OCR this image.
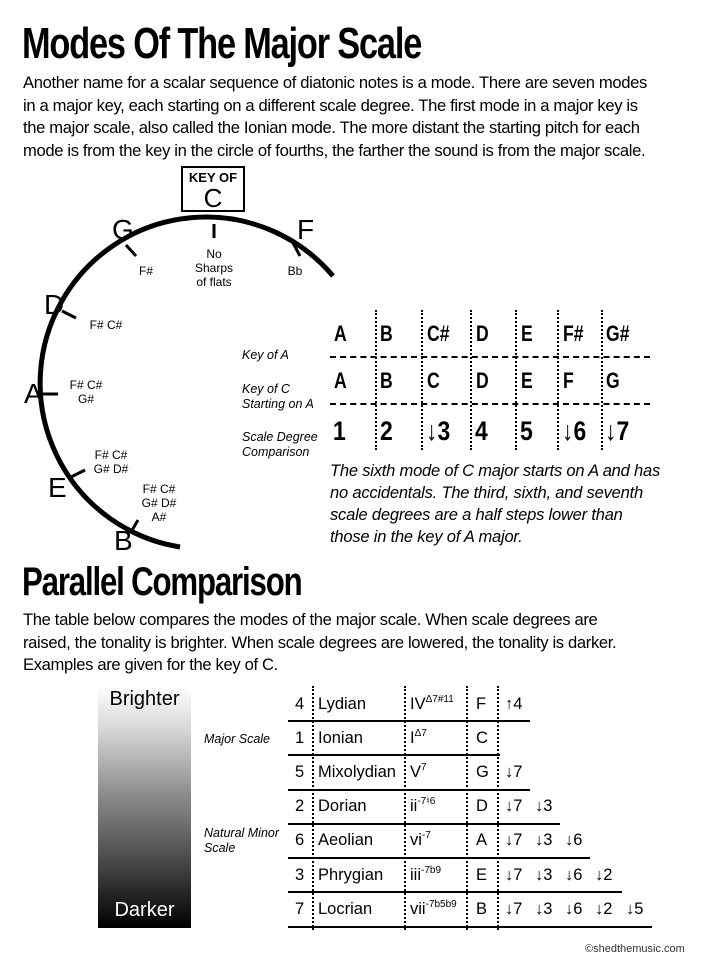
Modes Of The Major Scale
Another name for a scalar sequence of diatonic notes is a mode. There are seven modes
in a major key, each starting on a different scale degree. The first mode in a major key is
the major scale, also called the Ionian mode. The more distant the starting pitch for each
mode is from the key in the circle of fourths, the farther the sound is from the major scale.
KEY OF
C
G	F
D
A
E
B
F#
No
Sharps
of flats
Bb
F# C#
F# C#
G#
F# C#
G# D#
F# C#
G# D#
A#
Key of A
Key of C
Starting on A
Scale Degree
Comparison
A B C# D E F# G#
A B C D E F G
1 2 ↓3 4 5 ↓6 ↓7
The sixth mode of C major starts on A and has
no accidentals. The third, sixth, and seventh
scale degrees are a half steps lower than
those in the key of A major.
Parallel Comparison
The table below compares the modes of the major scale. When scale degrees are
raised, the tonality is brighter. When scale degrees are lowered, the tonality is darker.
Examples are given for the key of C.
Brighter
Darker
Major Scale
Natural Minor
Scale
4 Lydian	$IV^{\Delta 7\#11}$ F ↑4
1 Ionian	$I^{\Delta 7}$	C
5 Mixolydian $V^7$	G ↓7
2 Dorian	$ii^{-7♮6}$ D ↓7 ↓3
6 Aeolian $vi^{-7}$	A ↓7 ↓3 ↓6
3 Phrygian iii$^{-7b9}$ E ↓7 ↓3 ↓6 ↓2
7 Locrian vii$^{-7b5b9}$ B ↓7 ↓3 ↓6 ↓2 ↓5
©shedthemusic.com
